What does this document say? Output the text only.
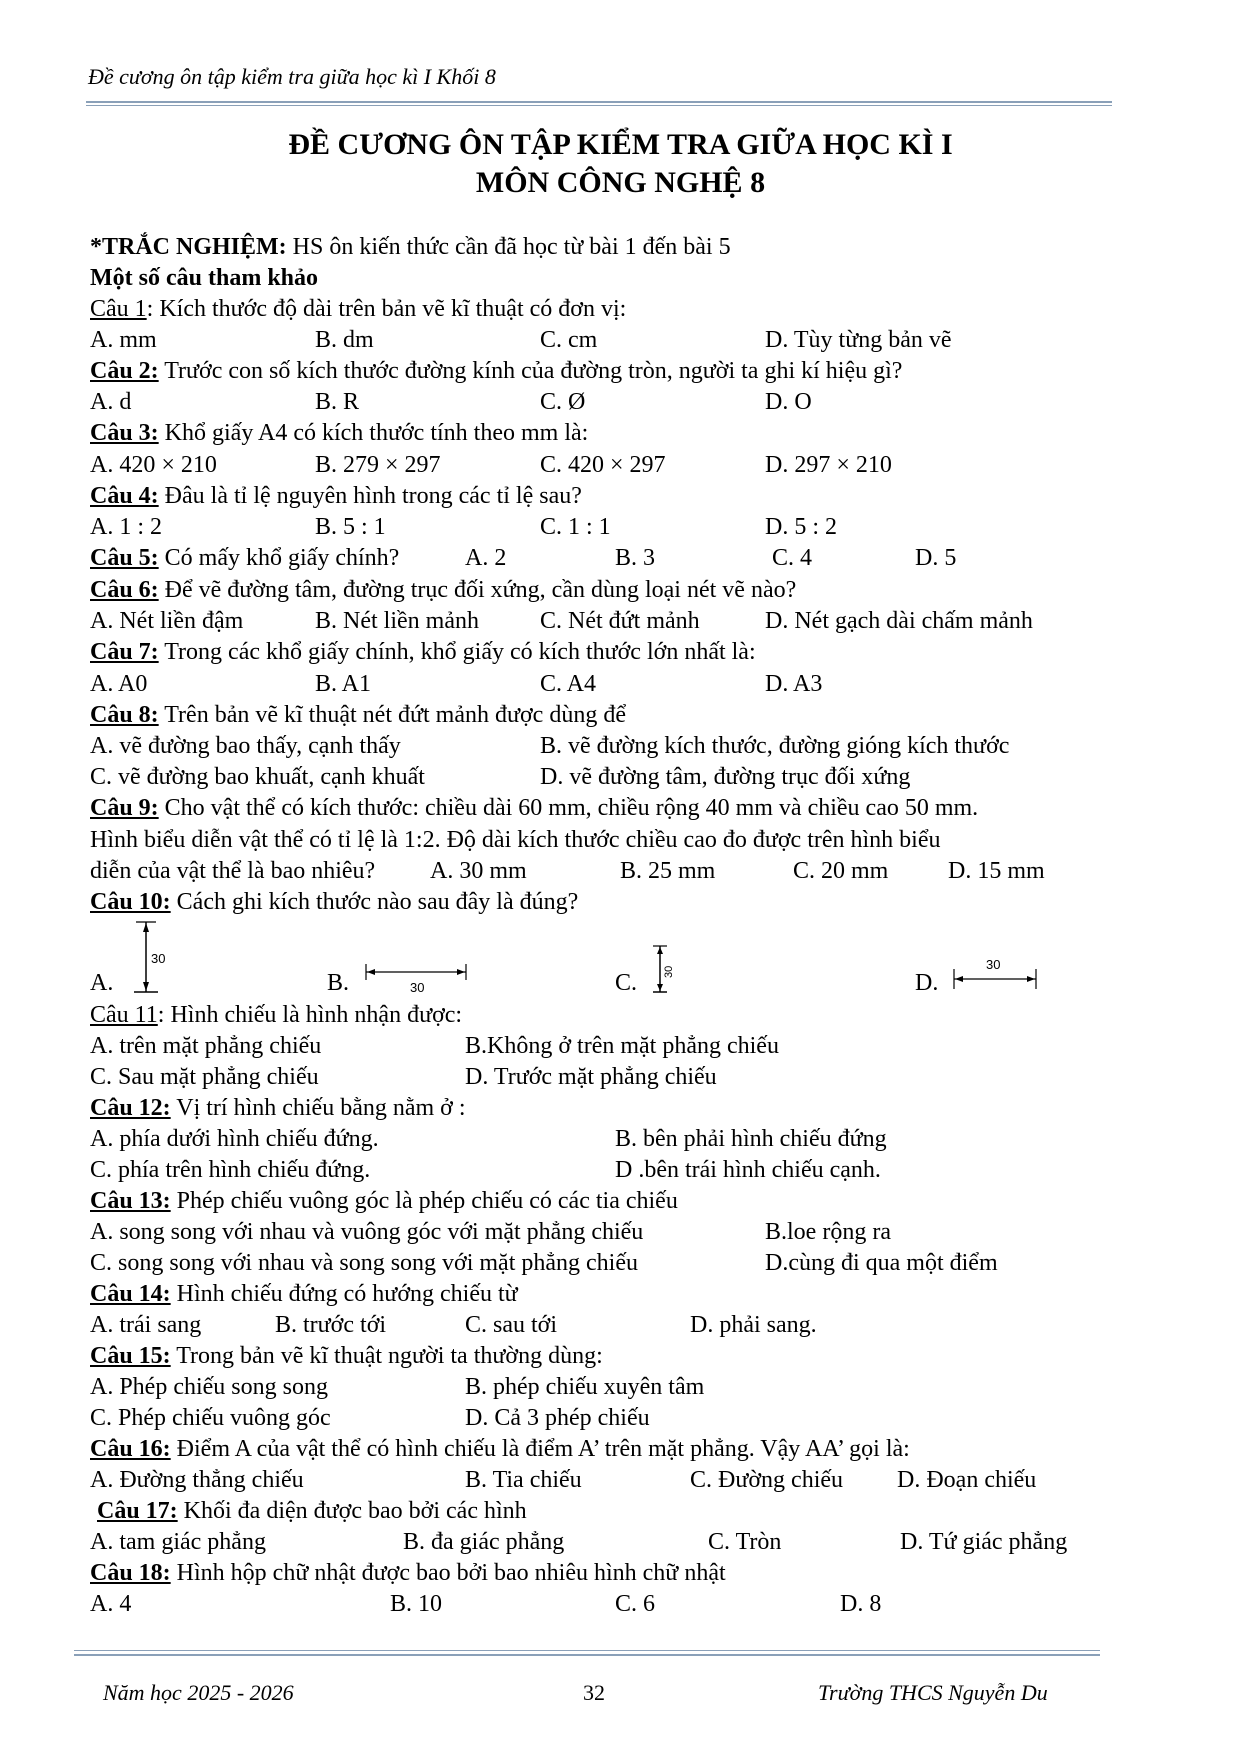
Đề cương ôn tập kiểm tra giữa học kì I Khối 8
ĐỀ CƯƠNG ÔN TẬP KIỂM TRA GIỮA HỌC KÌ I
MÔN CÔNG NGHỆ 8
*TRẮC NGHIỆM: HS ôn kiến thức cần đã học từ bài 1 đến bài 5
Một số câu tham khảo
Câu 1: Kích thước độ dài trên bản vẽ kĩ thuật có đơn vị:
A. mm	B. dm	C. cm	D. Tùy từng bản vẽ
Câu 2: Trước con số kích thước đường kính của đường tròn, người ta ghi kí hiệu gì?
A. d	B. R	C. Ø	D. O
Câu 3: Khổ giấy A4 có kích thước tính theo mm là:
A. 420 × 210	B. 279 × 297	C. 420 × 297	D. 297 × 210
Câu 4: Đâu là tỉ lệ nguyên hình trong các tỉ lệ sau?
A. 1 : 2	B. 5 : 1	C. 1 : 1	D. 5 : 2
Câu 5: Có mấy khổ giấy chính?	A. 2	B. 3	C. 4	D. 5
Câu 6: Để vẽ đường tâm, đường trục đối xứng, cần dùng loại nét vẽ nào?
A. Nét liền đậm	B. Nét liền mảnh	C. Nét đứt mảnh	D. Nét gạch dài chấm mảnh
Câu 7: Trong các khổ giấy chính, khổ giấy có kích thước lớn nhất là:
A. A0	B. A1	C. A4	D. A3
Câu 8: Trên bản vẽ kĩ thuật nét đứt mảnh được dùng để
A. vẽ đường bao thấy, cạnh thấy	B. vẽ đường kích thước, đường gióng kích thước
C. vẽ đường bao khuất, cạnh khuất	D. vẽ đường tâm, đường trục đối xứng
Câu 9: Cho vật thể có kích thước: chiều dài 60 mm, chiều rộng 40 mm và chiều cao 50 mm.
Hình biểu diễn vật thể có tỉ lệ là 1:2. Độ dài kích thước chiều cao đo được trên hình biểu
diễn của vật thể là bao nhiêu? A. 30 mm	B. 25 mm	C. 20 mm D. 15 mm
Câu 10: Cách ghi kích thước nào sau đây là đúng?
A.	B.	C.	D.
30
30
30	30
Câu 11: Hình chiếu là hình nhận được:
A. trên mặt phẳng chiếu	B.Không ở trên mặt phẳng chiếu
C. Sau mặt phẳng chiếu	D. Trước mặt phẳng chiếu
Câu 12: Vị trí hình chiếu bằng nằm ở :
A. phía dưới hình chiếu đứng.	B. bên phải hình chiếu đứng
C. phía trên hình chiếu đứng.	D .bên trái hình chiếu cạnh.
Câu 13: Phép chiếu vuông góc là phép chiếu có các tia chiếu
A. song song với nhau và vuông góc với mặt phẳng chiếu	B.loe rộng ra
C. song song với nhau và song song với mặt phẳng chiếu	D.cùng đi qua một điểm
Câu 14: Hình chiếu đứng có hướng chiếu từ
A. trái sang	B. trước tới	C. sau tới	D. phải sang.
Câu 15: Trong bản vẽ kĩ thuật người ta thường dùng:
A. Phép chiếu song song	B. phép chiếu xuyên tâm
C. Phép chiếu vuông góc	D. Cả 3 phép chiếu
Câu 16: Điểm A của vật thể có hình chiếu là điểm A’ trên mặt phẳng. Vậy AA’ gọi là:
A. Đường thẳng chiếu	B. Tia chiếu	C. Đường chiếu D. Đoạn chiếu
Câu 17: Khối đa diện được bao bởi các hình
A. tam giác phẳng	B. đa giác phẳng	C. Tròn	D. Tứ giác phẳng
Câu 18: Hình hộp chữ nhật được bao bởi bao nhiêu hình chữ nhật
A. 4	B. 10	C. 6	D. 8
Năm học 2025 - 2026	32	Trường THCS Nguyễn Du
